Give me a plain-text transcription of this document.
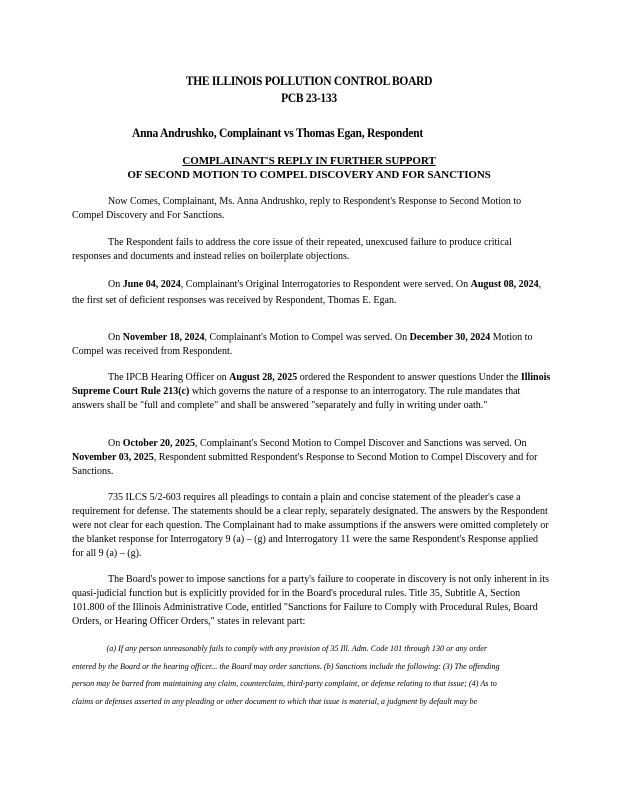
THE ILLINOIS POLLUTION CONTROL BOARD
PCB 23-133
Anna Andrushko, Complainant vs Thomas Egan, Respondent
COMPLAINANT'S REPLY IN FURTHER SUPPORT
OF SECOND MOTION TO COMPEL DISCOVERY AND FOR SANCTIONS
Now Comes, Complainant, Ms. Anna Andrushko, reply to Respondent's Response to Second Motion to Compel Discovery and For Sanctions.
The Respondent fails to address the core issue of their repeated, unexcused failure to produce critical responses and documents and instead relies on boilerplate objections.
On June 04, 2024, Complainant's Original Interrogatories to Respondent were served. On August 08, 2024, the first set of deficient responses was received by Respondent, Thomas E. Egan.
On November 18, 2024, Complainant's Motion to Compel was served. On December 30, 2024 Motion to Compel was received from Respondent.
The IPCB Hearing Officer on August 28, 2025 ordered the Respondent to answer questions Under the Illinois Supreme Court Rule 213(c) which governs the nature of a response to an interrogatory. The rule mandates that answers shall be "full and complete" and shall be answered "separately and fully in writing under oath."
On October 20, 2025, Complainant's Second Motion to Compel Discover and Sanctions was served. On November 03, 2025, Respondent submitted Respondent's Response to Second Motion to Compel Discovery and for Sanctions.
735 ILCS 5/2-603 requires all pleadings to contain a plain and concise statement of the pleader's case a requirement for defense. The statements should be a clear reply, separately designated. The answers by the Respondent were not clear for each question. The Complainant had to make assumptions if the answers were omitted completely or the blanket response for Interrogatory 9 (a) – (g) and Interrogatory 11 were the same Respondent's Response applied for all 9 (a) – (g).
The Board's power to impose sanctions for a party's failure to cooperate in discovery is not only inherent in its quasi-judicial function but is explicitly provided for in the Board's procedural rules. Title 35, Subtitle A, Section 101.800 of the Illinois Administrative Code, entitled "Sanctions for Failure to Comply with Procedural Rules, Board Orders, or Hearing Officer Orders," states in relevant part:
(a) If any person unreasonably fails to comply with any provision of 35 Ill. Adm. Code 101 through 130 or any order entered by the Board or the hearing officer... the Board may order sanctions. (b) Sanctions include the following: (3) The offending person may be barred from maintaining any claim, counterclaim, third-party complaint, or defense relating to that issue; (4) As to claims or defenses asserted in any pleading or other document to which that issue is material, a judgment by default may be
